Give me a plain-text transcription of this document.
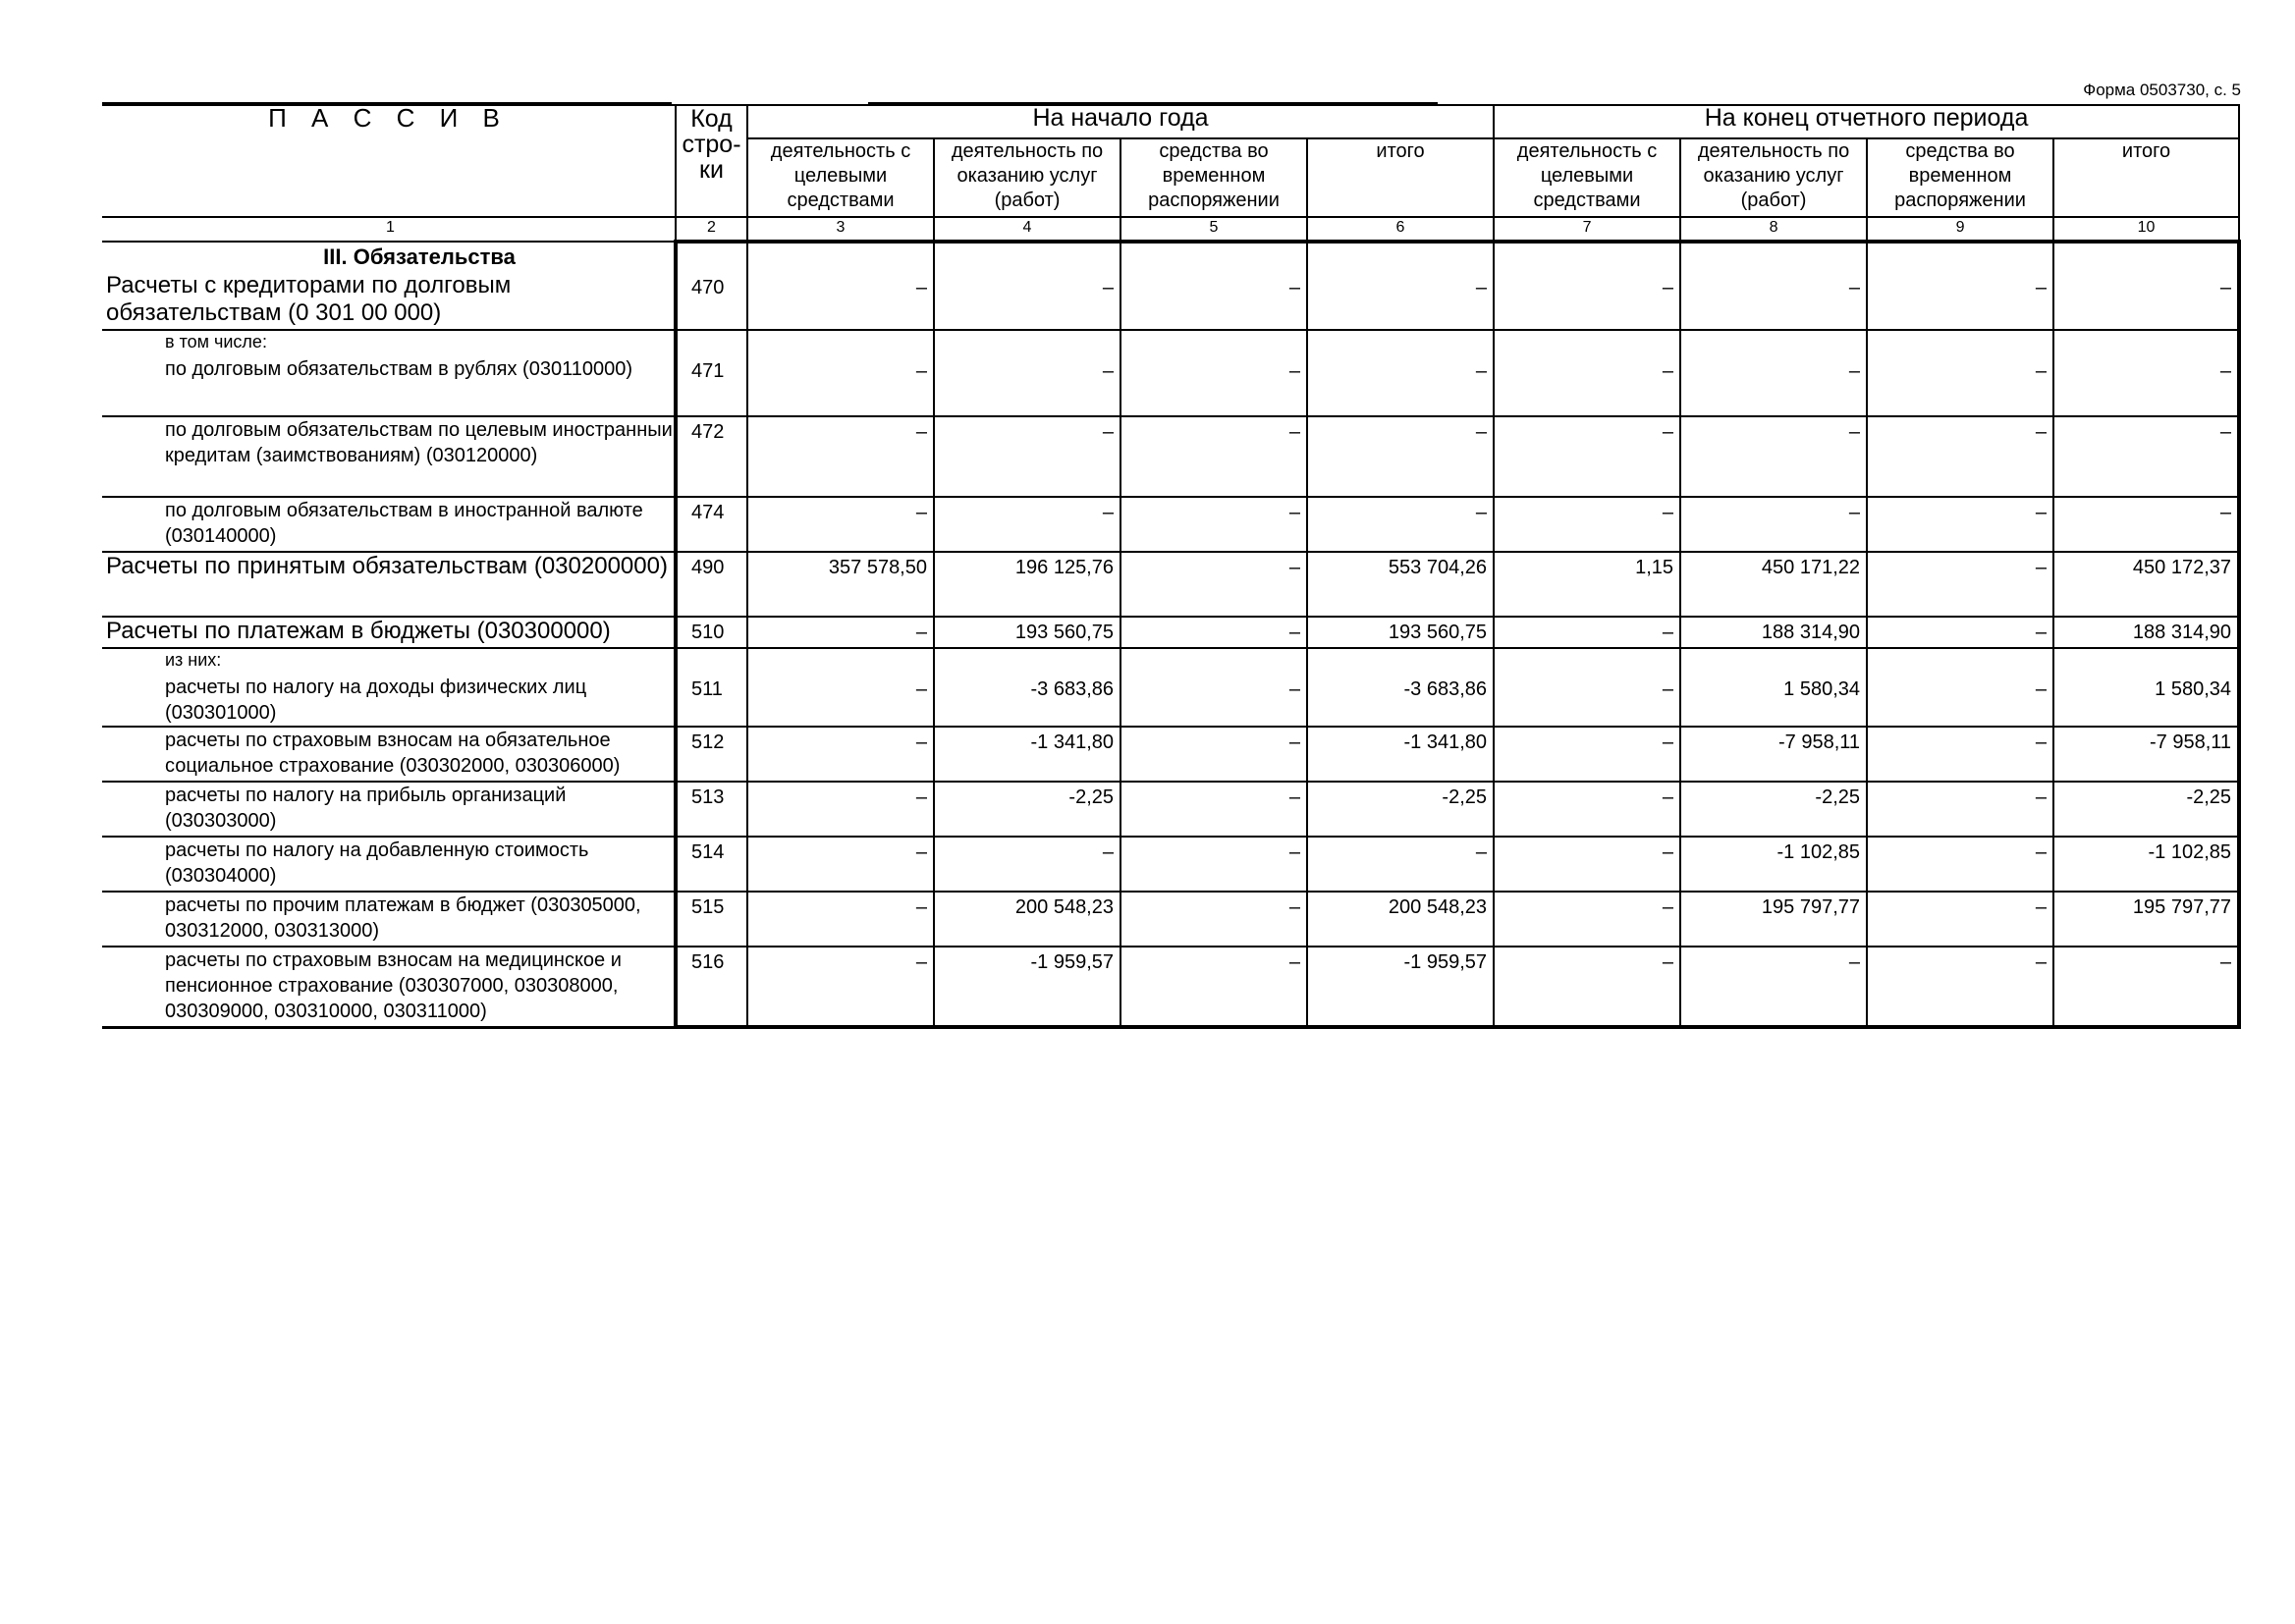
Форма 0503730, с. 5
П А С С И В	Код стро- ки	На начало года				На конец отчетного периода			
		деятельность с целевыми средствами	деятельность по оказанию услуг (работ)	средства во временном распоряжении	итого	деятельность с целевыми средствами	деятельность по оказанию услуг (работ)	средства во временном распоряжении	итого
1	2	3	4	5	6	7	8	9	10

III. Обязательства
Расчеты с кредиторами по долговым обязательствам (0 301 00 000)	470	–	–	–	–	–	–	–	–

в том числе:
по долговым обязательствам в рублях (030110000)	471	–	–	–	–	–	–	–	–

по долговым обязательствам по целевым иностранныи кредитам (заимствованиям) (030120000)	472	–	–	–	–	–	–	–	–

по долговым обязательствам в иностранной валюте (030140000)	474	–	–	–	–	–	–	–	–

Расчеты по принятым обязательствам (030200000)	490	357 578,50	196 125,76	–	553 704,26	1,15	450 171,22	–	450 172,37

Расчеты по платежам в бюджеты (030300000)	510	–	193 560,75	–	193 560,75	–	188 314,90	–	188 314,90

из них:
расчеты по налогу на доходы физических лиц (030301000)	511	–	-3 683,86	–	-3 683,86	–	1 580,34	–	1 580,34

расчеты по страховым взносам на обязательное социальное страхование (030302000, 030306000)	512	–	-1 341,80	–	-1 341,80	–	-7 958,11	–	-7 958,11

расчеты по налогу на прибыль организаций (030303000)	513	–	-2,25	–	-2,25	–	-2,25	–	-2,25

расчеты по налогу на добавленную стоимость (030304000)	514	–	–	–	–	–	-1 102,85	–	-1 102,85

расчеты по прочим платежам в бюджет (030305000, 030312000, 030313000)	515	–	200 548,23	–	200 548,23	–	195 797,77	–	195 797,77

расчеты по страховым взносам на медицинское и пенсионное страхование (030307000, 030308000, 030309000, 030310000, 030311000)	516	–	-1 959,57	–	-1 959,57	–	–	–	–
